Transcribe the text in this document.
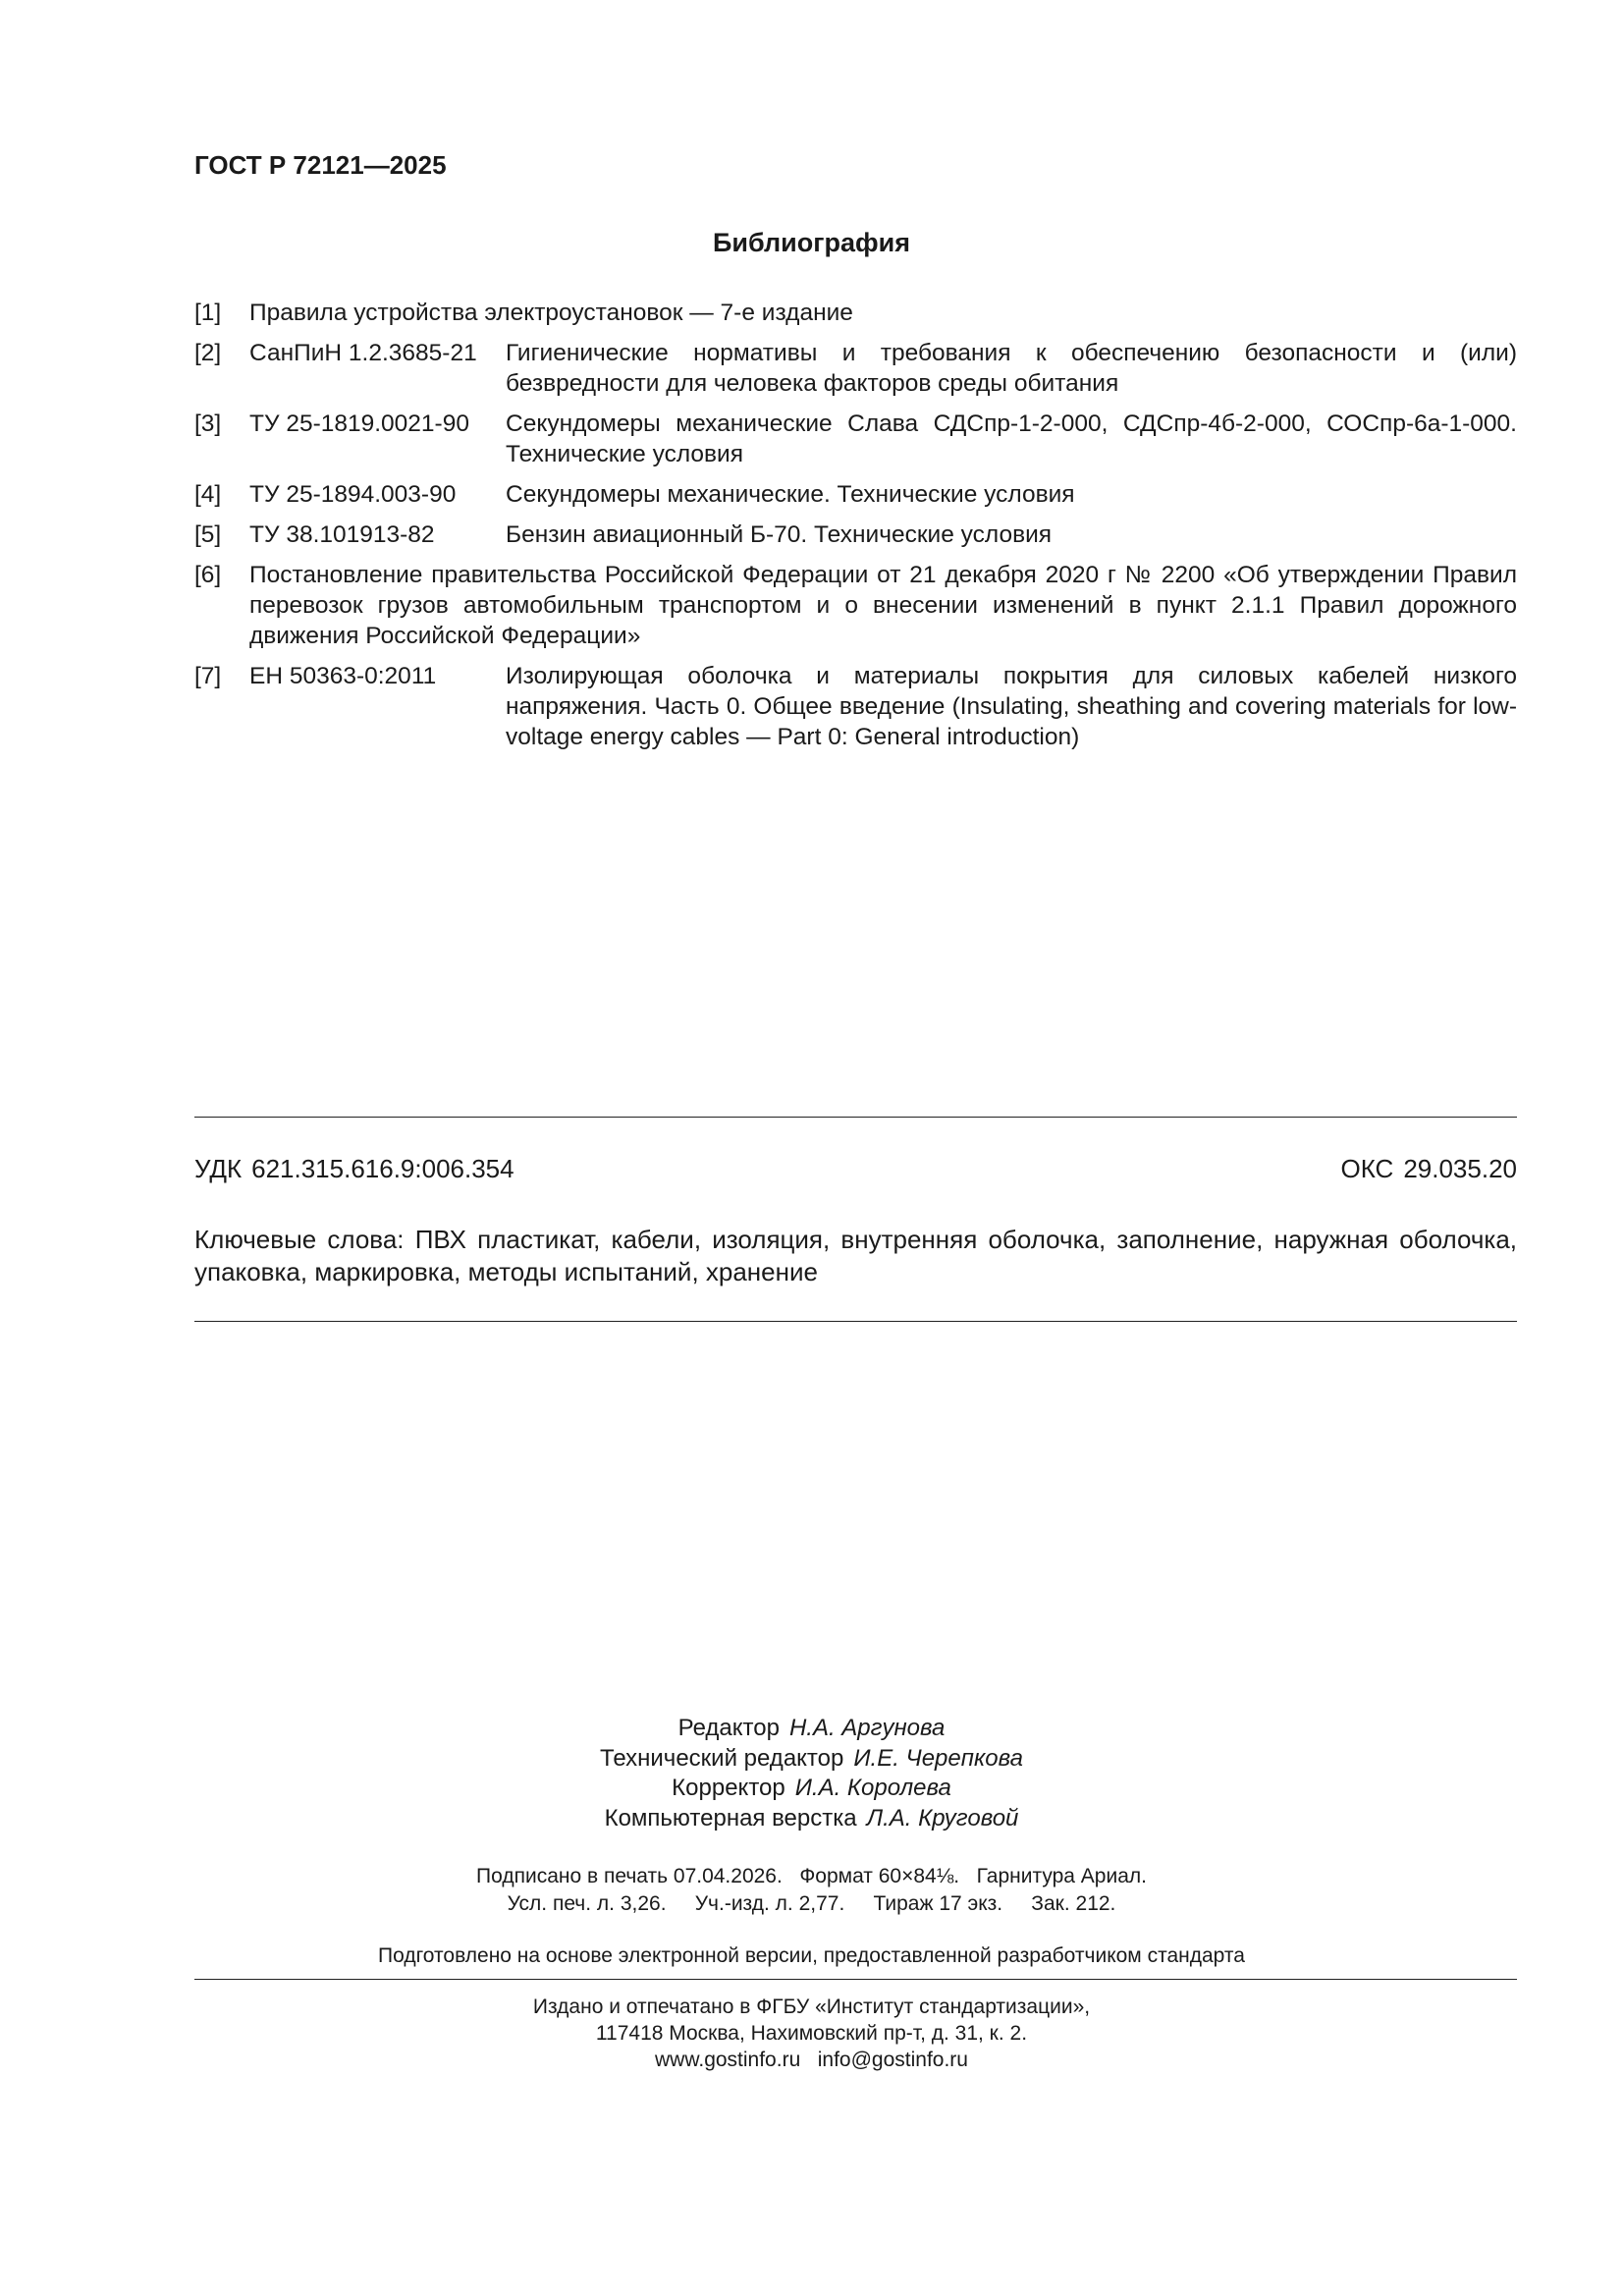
ГОСТ Р 72121—2025
Библиография
[1]	Правила устройства электроустановок — 7-е издание
[2]	СанПиН 1.2.3685-21	Гигиенические нормативы и требования к обеспечению безопасности и (или) безвредности для человека факторов среды обитания
[3]	ТУ 25-1819.0021-90	Секундомеры механические Слава СДСпр-1-2-000, СДСпр-4б-2-000, СОСпр-6а-1-000. Технические условия
[4]	ТУ 25-1894.003-90	Секундомеры механические. Технические условия
[5]	ТУ 38.101913-82	Бензин авиационный Б-70. Технические условия
[6]	Постановление правительства Российской Федерации от 21 декабря 2020 г № 2200 «Об утверждении Правил перевозок грузов автомобильным транспортом и о внесении изменений в пункт 2.1.1 Правил дорожного движения Российской Федерации»
[7]	ЕН 50363-0:2011	Изолирующая оболочка и материалы покрытия для силовых кабелей низкого напряжения. Часть 0. Общее введение (Insulating, sheathing and covering materials for low-voltage energy cables — Part 0: General introduction)
УДК 621.315.616.9:006.354	ОКС 29.035.20
Ключевые слова: ПВХ пластикат, кабели, изоляция, внутренняя оболочка, заполнение, наружная оболочка, упаковка, маркировка, методы испытаний, хранение
Редактор Н.А. Аргунова
Технический редактор И.Е. Черепкова
Корректор И.А. Королева
Компьютерная верстка Л.А. Круговой
Подписано в печать 07.04.2026.   Формат 60×84⅛.   Гарнитура Ариал.
Усл. печ. л. 3,26.     Уч.-изд. л. 2,77.     Тираж 17 экз.     Зак. 212.
Подготовлено на основе электронной версии, предоставленной разработчиком стандарта
Издано и отпечатано в ФГБУ «Институт стандартизации»,
117418 Москва, Нахимовский пр-т, д. 31, к. 2.
www.gostinfo.ru   info@gostinfo.ru
